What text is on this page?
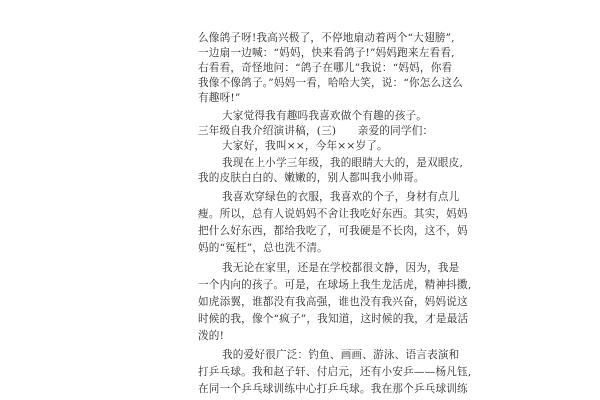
么像鸽子呀!我高兴极了，不停地扇动着两个“大翅膀”,
一边扇一边喊：“妈妈，快来看鸽子!”妈妈跑来左看看,
右看看，奇怪地问：“鸽子在哪儿”我说：“妈妈，你看
我像不像鸽子。”妈妈一看，哈哈大笑，说：“你怎么这么
有趣呀!”
大家觉得我有趣吗我喜欢做个有趣的孩子。
三年级自我介绍演讲稿，(三)　　亲爱的同学们：
大家好，我叫××，今年××岁了。
我现在上小学三年级，我的眼睛大大的，是双眼皮,
我的皮肤白白的、嫩嫩的，别人都叫我小帅哥。
我喜欢穿绿色的衣服，我喜欢的个子，身材有点儿
瘦。所以，总有人说妈妈不舍让我吃好东西。其实，妈妈
把什么好东西，都给我吃了，可我硬是不长肉，这不，妈
妈的“冤枉”，总也洗不清。
我无论在家里，还是在学校都很文静，因为，我是
一个内向的孩子。可是，在球场上我生龙活虎，精神抖擞,
如虎添翼，谁都没有我高强，谁也没有我兴奋，妈妈说这
时候的我，像个“疯子”，我知道，这时候的我，才是最活
泼的!
我的爱好很广泛：钓鱼、画画、游泳、语言表演和
打乒乓球。我和赵子轩、付启元，还有小安乒——杨凡钰,
在同一个乒乓球训练中心打乒乓球。我在那个乒乓球训练
